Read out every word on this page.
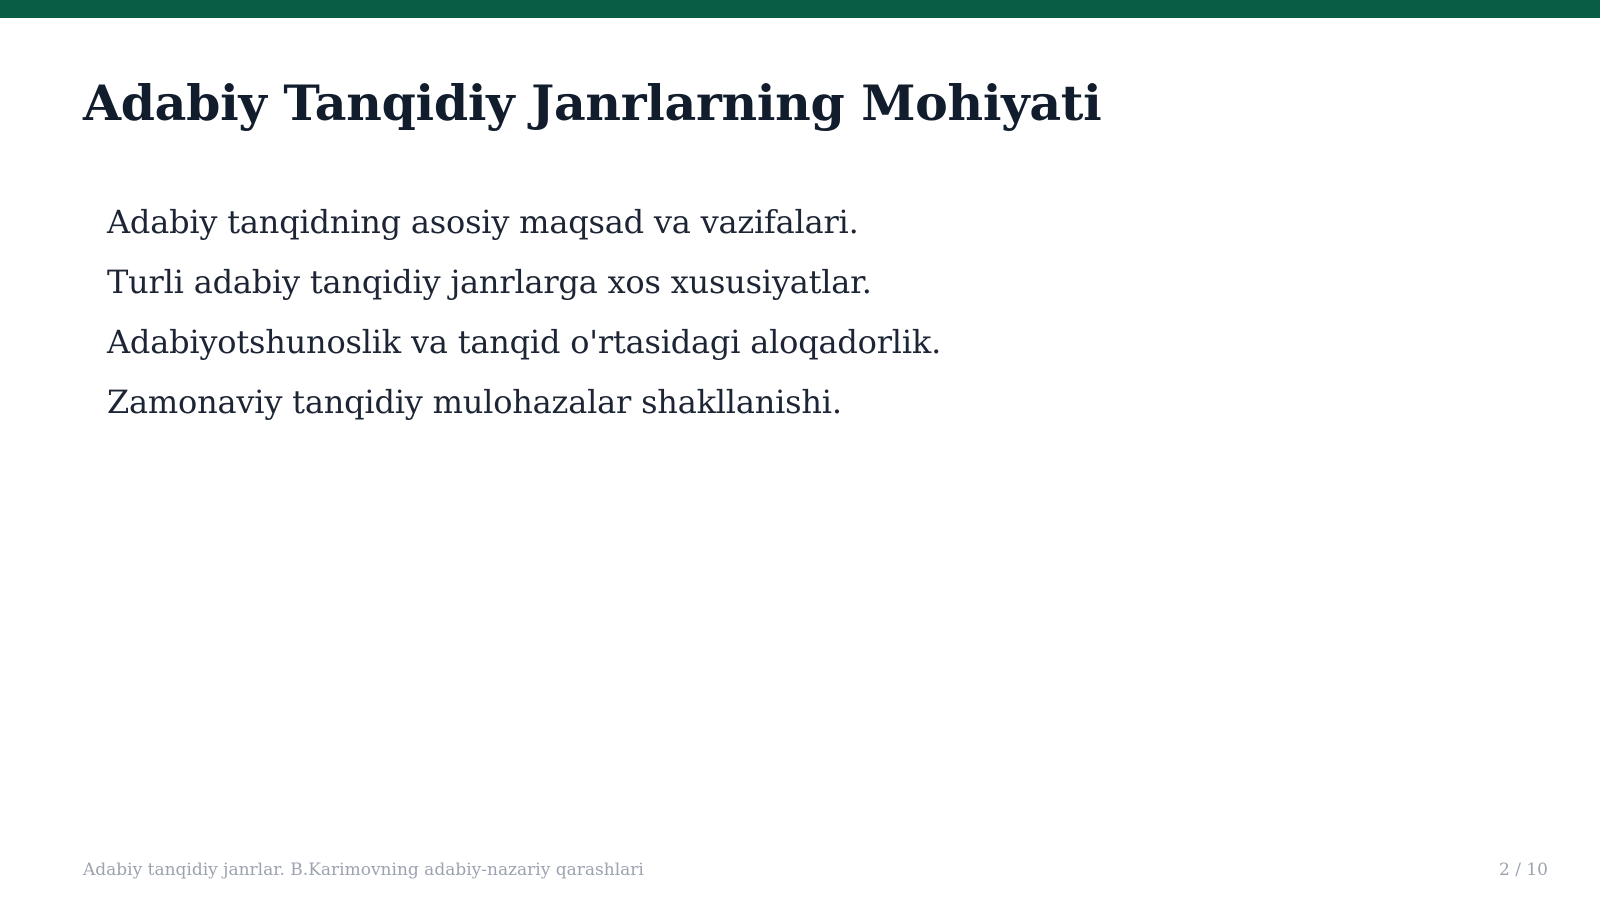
Adabiy Tanqidiy Janrlarning Mohiyati
Adabiy tanqidning asosiy maqsad va vazifalari.
Turli adabiy tanqidiy janrlarga xos xususiyatlar.
Adabiyotshunoslik va tanqid o'rtasidagi aloqadorlik.
Zamonaviy tanqidiy mulohazalar shakllanishi.
Adabiy tanqidiy janrlar. B.Karimovning adabiy-nazariy qarashlari	2 / 10
